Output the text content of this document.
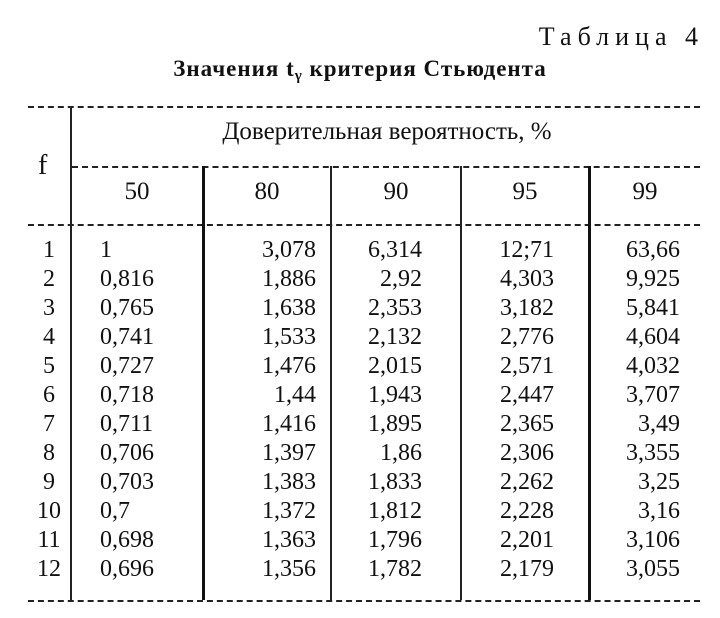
Таблица 4
Значения $t_\gamma$ критерия Стьюдента
Доверительная вероятность, %
f
50	80	90	95	99
1	1	3,078	6,314	12;71	63,66
2	0,816	1,886	2,92	4,303	9,925
3	0,765	1,638	2,353	3,182	5,841
4	0,741	1,533	2,132	2,776	4,604
5	0,727	1,476	2,015	2,571	4,032
6	0,718	1,44	1,943	2,447	3,707
7	0,711	1,416	1,895	2,365	3,49
8	0,706	1,397	1,86	2,306	3,355
9	0,703	1,383	1,833	2,262	3,25
10 0,7	1,372	1,812	2,228	3,16
11	0,698	1,363	1,796	2,201	3,106
12 0,696	1,356	1,782	2,179	3,055
